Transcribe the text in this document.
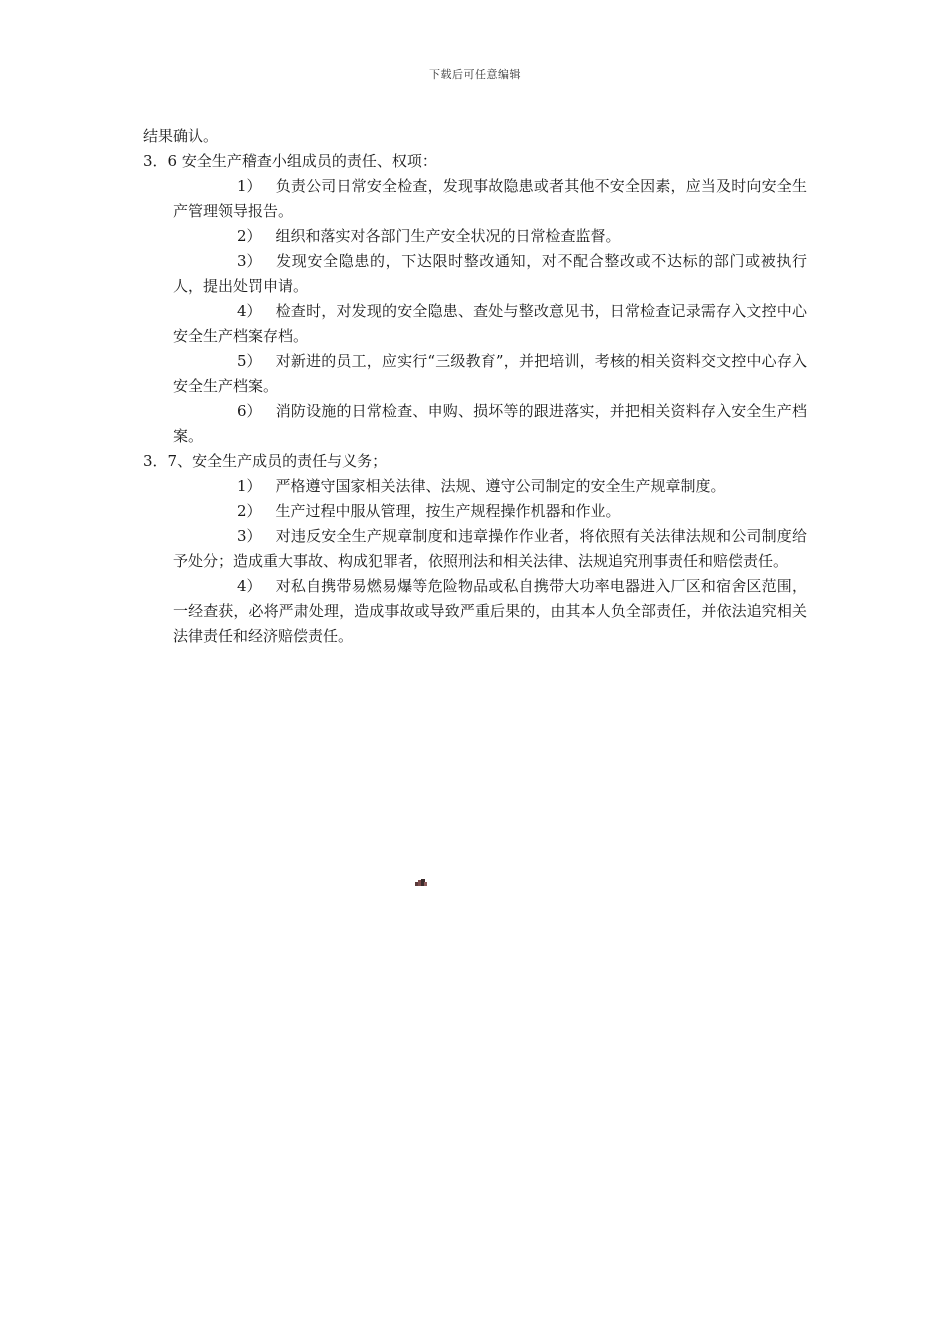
下载后可任意编辑

结果确认。

3．6 安全生产稽查小组成员的责任、权项：

1） 负责公司日常安全检查，发现事故隐患或者其他不安全因素，应当及时向安全生产管理领导报告。

2） 组织和落实对各部门生产安全状况的日常检查监督。

3） 发现安全隐患的，下达限时整改通知，对不配合整改或不达标的部门或被执行人，提出处罚申请。

4） 检查时，对发现的安全隐患、查处与整改意见书，日常检查记录需存入文控中心安全生产档案存档。

5） 对新进的员工，应实行“三级教育”，并把培训，考核的相关资料交文控中心存入安全生产档案。

6） 消防设施的日常检查、申购、损坏等的跟进落实，并把相关资料存入安全生产档案。

3．7、安全生产成员的责任与义务；

1） 严格遵守国家相关法律、法规、遵守公司制定的安全生产规章制度。

2） 生产过程中服从管理，按生产规程操作机器和作业。

3） 对违反安全生产规章制度和违章操作作业者，将依照有关法律法规和公司制度给予处分；造成重大事故、构成犯罪者，依照刑法和相关法律、法规追究刑事责任和赔偿责任。

4） 对私自携带易燃易爆等危险物品或私自携带大功率电器进入厂区和宿舍区范围，一经查获，必将严肃处理，造成事故或导致严重后果的，由其本人负全部责任，并依法追究相关法律责任和经济赔偿责任。
